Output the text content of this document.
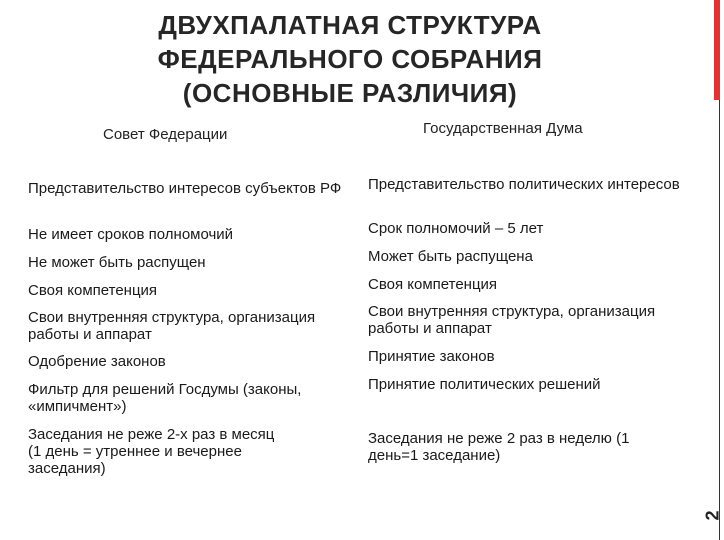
ДВУХПАЛАТНАЯ СТРУКТУРА
ФЕДЕРАЛЬНОГО СОБРАНИЯ
(ОСНОВНЫЕ РАЗЛИЧИЯ)
Совет Федерации	Государственная Дума
Представительство интересов субъектов РФ
Не имеет сроков полномочий
Не может быть распущен
Своя компетенция
Свои внутренняя структура, организация работы и аппарат
Одобрение законов
Фильтр для решений Госдумы (законы, «импичмент»)
Заседания не реже 2-х раз в месяц (1 день = утреннее и вечернее заседания)
Представительство политических интересов
Срок полномочий – 5 лет
Может быть распущена
Своя компетенция
Свои внутренняя структура, организация работы и аппарат
Принятие законов
Принятие политических решений
Заседания не реже 2 раз в неделю (1 день=1 заседание)
2
